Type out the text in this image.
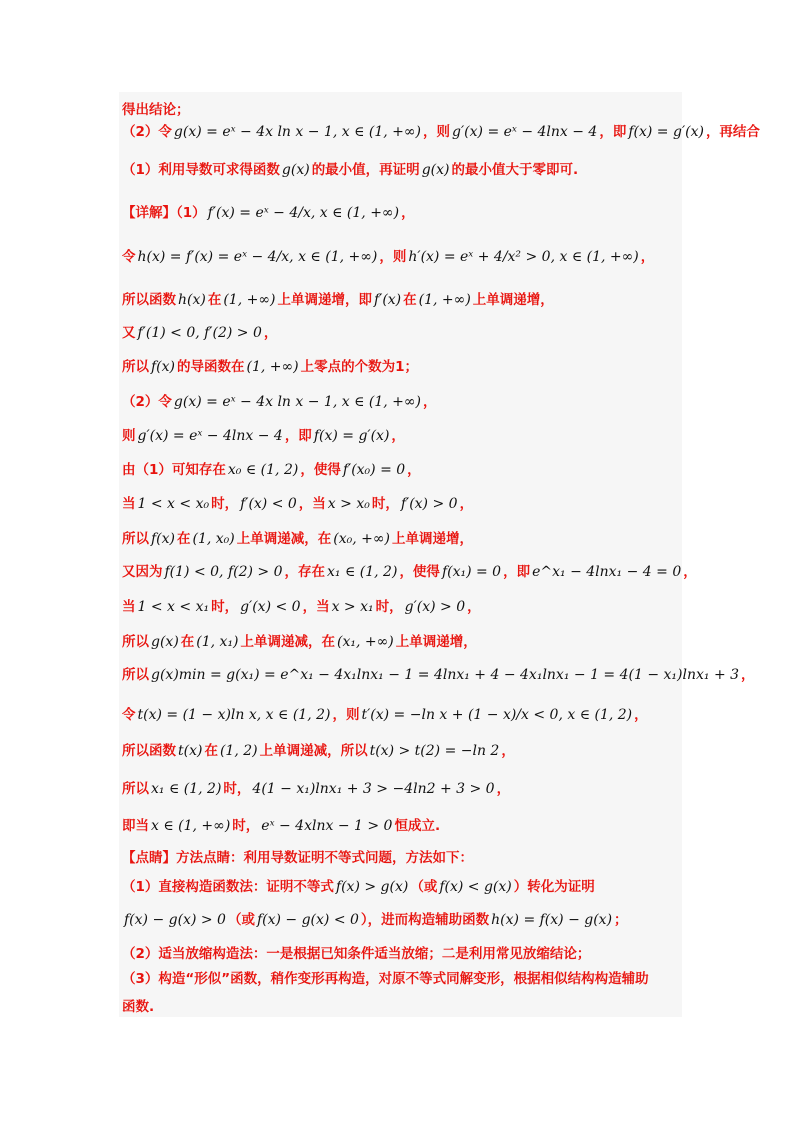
得出结论；
（2）令 g(x) = eˣ − 4x ln x − 1, x ∈ (1, +∞) ，则 g′(x) = eˣ − 4lnx − 4 ，即 f(x) = g′(x) ，再结合
（1）利用导数可求得函数 g(x) 的最小值，再证明 g(x) 的最小值大于零即可.
【详解】（1） f′(x) = eˣ − 4/x, x ∈ (1, +∞) ，
令 h(x) = f′(x) = eˣ − 4/x, x ∈ (1, +∞) ，则 h′(x) = eˣ + 4/x² > 0, x ∈ (1, +∞) ，
所以函数 h(x) 在 (1, +∞) 上单调递增，即 f′(x) 在 (1, +∞) 上单调递增，
又 f′(1) < 0, f′(2) > 0 ，
所以 f(x) 的导函数在 (1, +∞) 上零点的个数为1；
（2）令 g(x) = eˣ − 4x ln x − 1, x ∈ (1, +∞) ，
则 g′(x) = eˣ − 4lnx − 4 ，即 f(x) = g′(x) ，
由（1）可知存在 x₀ ∈ (1, 2) ，使得 f′(x₀) = 0 ，
当 1 < x < x₀ 时， f′(x) < 0 ，当 x > x₀ 时， f′(x) > 0 ，
所以 f(x) 在 (1, x₀) 上单调递减，在 (x₀, +∞) 上单调递增，
又因为 f(1) < 0, f(2) > 0 ，存在 x₁ ∈ (1, 2) ，使得 f(x₁) = 0 ，即 e^x₁ − 4lnx₁ − 4 = 0 ，
当 1 < x < x₁ 时， g′(x) < 0 ，当 x > x₁ 时， g′(x) > 0 ，
所以 g(x) 在 (1, x₁) 上单调递减，在 (x₁, +∞) 上单调递增，
所以 g(x)min = g(x₁) = e^x₁ − 4x₁lnx₁ − 1 = 4lnx₁ + 4 − 4x₁lnx₁ − 1 = 4(1 − x₁)lnx₁ + 3 ，
令 t(x) = (1 − x)ln x, x ∈ (1, 2) ，则 t′(x) = −ln x + (1 − x)/x < 0, x ∈ (1, 2) ，
所以函数 t(x) 在 (1, 2) 上单调递减，所以 t(x) > t(2) = −ln 2 ，
所以 x₁ ∈ (1, 2) 时， 4(1 − x₁)lnx₁ + 3 > −4ln2 + 3 > 0 ，
即当 x ∈ (1, +∞) 时， eˣ − 4xlnx − 1 > 0 恒成立.
【点睛】方法点睛：利用导数证明不等式问题，方法如下：
（1）直接构造函数法：证明不等式 f(x) > g(x) （或 f(x) < g(x) ）转化为证明
f(x) − g(x) > 0 （或 f(x) − g(x) < 0 ），进而构造辅助函数 h(x) = f(x) − g(x) ；
（2）适当放缩构造法：一是根据已知条件适当放缩；二是利用常见放缩结论；
（3）构造“形似”函数，稍作变形再构造，对原不等式同解变形，根据相似结构构造辅助
函数.
